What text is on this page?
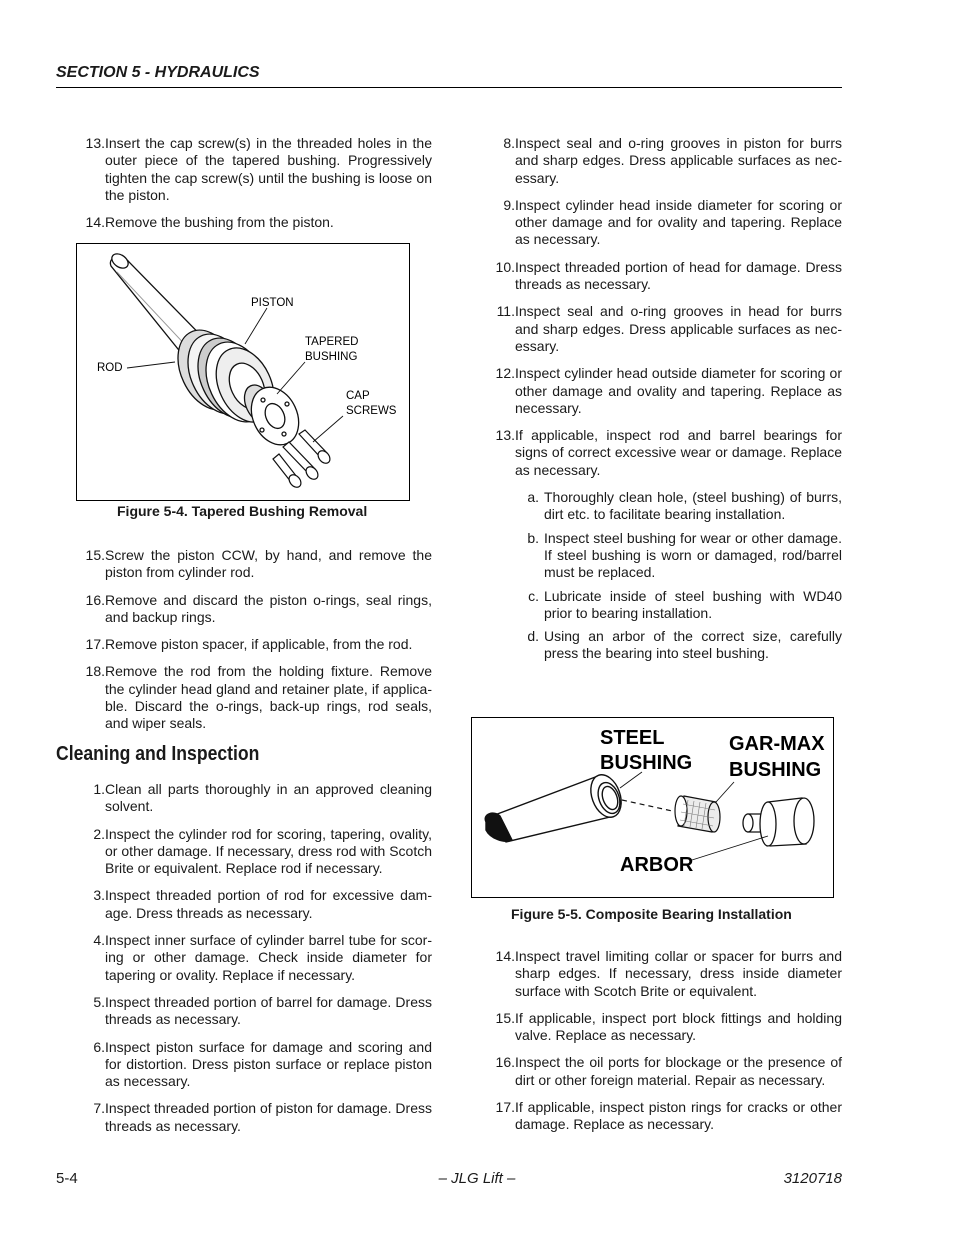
SECTION 5 - HYDRAULICS
13. Insert the cap screw(s) in the threaded holes in the outer piece of the tapered bushing. Progressively tighten the cap screw(s) until the bushing is loose on the piston.
14. Remove the bushing from the piston.
PISTON
TAPERED
BUSHING
ROD
CAP
SCREWS
Figure 5-4. Tapered Bushing Removal
15. Screw the piston CCW, by hand, and remove the piston from cylinder rod.
16. Remove and discard the piston o-rings, seal rings, and backup rings.
17. Remove piston spacer, if applicable, from the rod.
18. Remove the rod from the holding fixture. Remove the cylinder head gland and retainer plate, if applica-ble. Discard the o-rings, back-up rings, rod seals, and wiper seals.
Cleaning and Inspection
1. Clean all parts thoroughly in an approved cleaning solvent.
2. Inspect the cylinder rod for scoring, tapering, ovality, or other damage. If necessary, dress rod with Scotch Brite or equivalent. Replace rod if necessary.
3. Inspect threaded portion of rod for excessive dam-age. Dress threads as necessary.
4. Inspect inner surface of cylinder barrel tube for scor-ing or other damage. Check inside diameter for tapering or ovality. Replace if necessary.
5. Inspect threaded portion of barrel for damage. Dress threads as necessary.
6. Inspect piston surface for damage and scoring and for distortion. Dress piston surface or replace piston as necessary.
7. Inspect threaded portion of piston for damage. Dress threads as necessary.
8. Inspect seal and o-ring grooves in piston for burrs and sharp edges. Dress applicable surfaces as nec-essary.
9. Inspect cylinder head inside diameter for scoring or other damage and for ovality and tapering. Replace as necessary.
10. Inspect threaded portion of head for damage. Dress threads as necessary.
11. Inspect seal and o-ring grooves in head for burrs and sharp edges. Dress applicable surfaces as nec-essary.
12. Inspect cylinder head outside diameter for scoring or other damage and ovality and tapering. Replace as necessary.
13. If applicable, inspect rod and barrel bearings for signs of correct excessive wear or damage. Replace as necessary.
a. Thoroughly clean hole, (steel bushing) of burrs, dirt etc. to facilitate bearing installation.
b. Inspect steel bushing for wear or other damage. If steel bushing is worn or damaged, rod/barrel must be replaced.
c. Lubricate inside of steel bushing with WD40 prior to bearing installation.
d. Using an arbor of the correct size, carefully press the bearing into steel bushing.
STEEL
BUSHING
GAR-MAX
BUSHING
ARBOR
Figure 5-5. Composite Bearing Installation
14. Inspect travel limiting collar or spacer for burrs and sharp edges. If necessary, dress inside diameter surface with Scotch Brite or equivalent.
15. If applicable, inspect port block fittings and holding valve. Replace as necessary.
16. Inspect the oil ports for blockage or the presence of dirt or other foreign material. Repair as necessary.
17. If applicable, inspect piston rings for cracks or other damage. Replace as necessary.
5-4	– JLG Lift –	3120718
